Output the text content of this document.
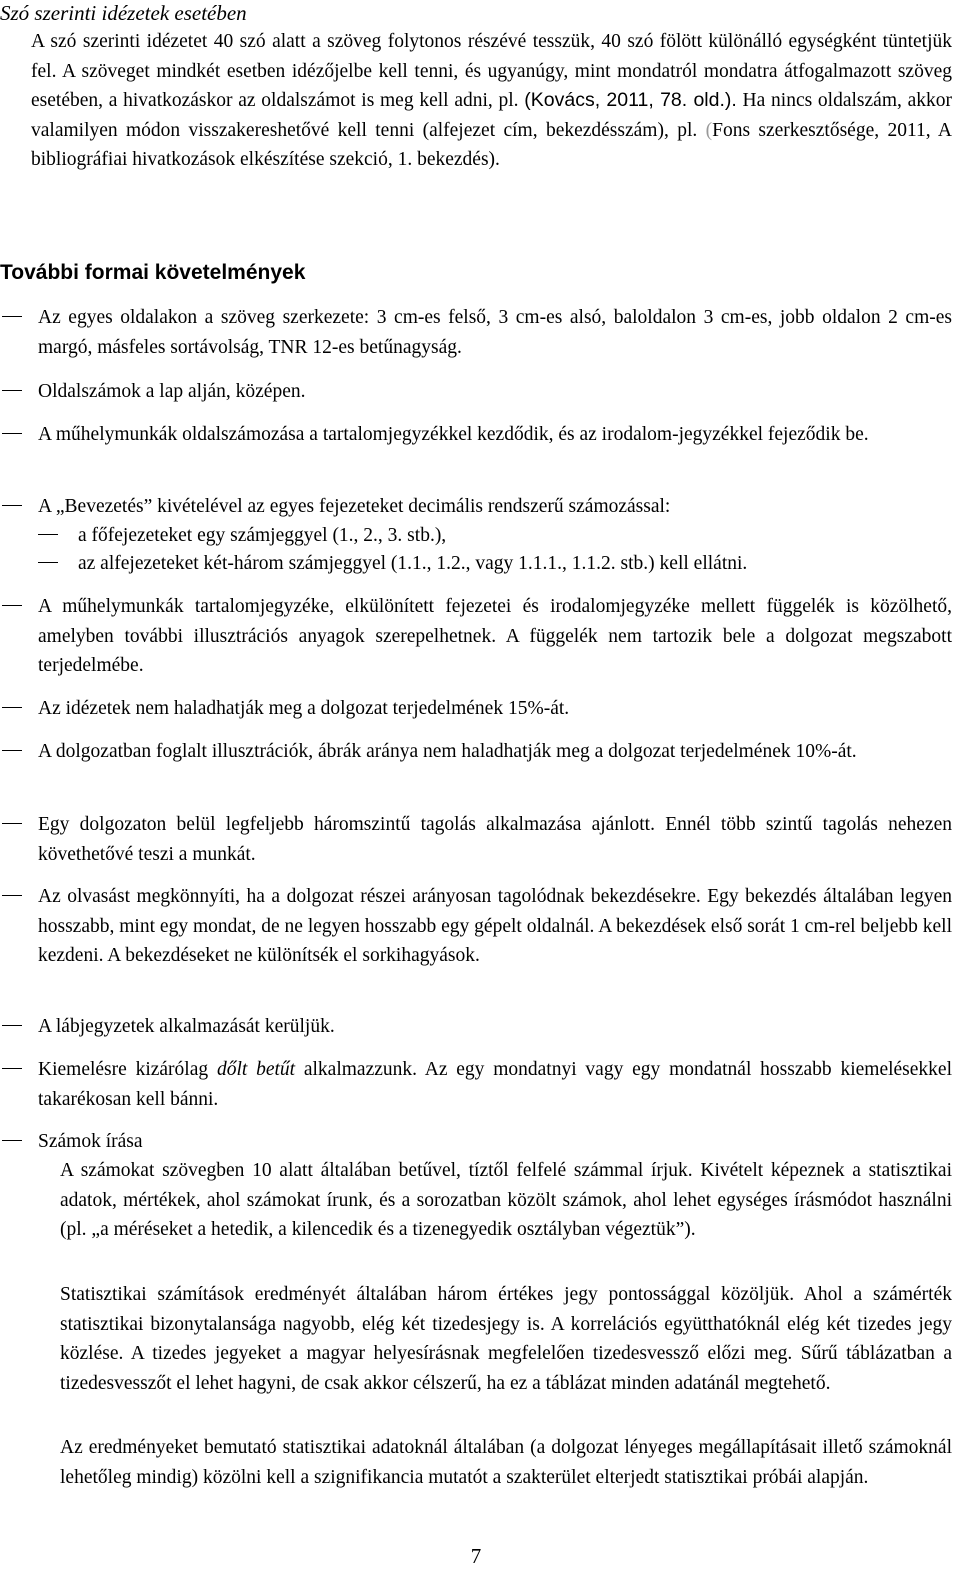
Szó szerinti idézetek esetében
A szó szerinti idézetet 40 szó alatt a szöveg folytonos részévé tesszük, 40 szó fölött különálló egységként tüntetjük fel. A szöveget mindkét esetben idézőjelbe kell tenni, és ugyanúgy, mint mondatról mondatra átfogalmazott szöveg esetében, a hivatkozáskor az oldalszámot is meg kell adni, pl. (Kovács, 2011, 78. old.). Ha nincs oldalszám, akkor valamilyen módon visszakereshetővé kell tenni (alfejezet cím, bekezdésszám), pl. (Fons szerkesztősége, 2011, A bibliográfiai hivatkozások elkészítése szekció, 1. bekezdés).
További formai követelmények
Az egyes oldalakon a szöveg szerkezete: 3 cm-es felső, 3 cm-es alsó, baloldalon 3 cm-es, jobb oldalon 2 cm-es margó, másfeles sortávolság, TNR 12-es betűnagyság.
Oldalszámok a lap alján, középen.
A műhelymunkák oldalszámozása a tartalomjegyzékkel kezdődik, és az irodalom-jegyzékkel fejeződik be.
A „Bevezetés” kivételével az egyes fejezeteket decimális rendszerű számozással:
a főfejezeteket egy számjeggyel (1., 2., 3. stb.),
az alfejezeteket két-három számjeggyel (1.1., 1.2., vagy 1.1.1., 1.1.2. stb.) kell ellátni.
A műhelymunkák tartalomjegyzéke, elkülönített fejezetei és irodalomjegyzéke mellett függelék is közölhető, amelyben további illusztrációs anyagok szerepelhetnek. A függelék nem tartozik bele a dolgozat megszabott terjedelmébe.
Az idézetek nem haladhatják meg a dolgozat terjedelmének 15%-át.
A dolgozatban foglalt illusztrációk, ábrák aránya nem haladhatják meg a dolgozat terjedelmének 10%-át.
Egy dolgozaton belül legfeljebb háromszintű tagolás alkalmazása ajánlott. Ennél több szintű tagolás nehezen követhetővé teszi a munkát.
Az olvasást megkönnyíti, ha a dolgozat részei arányosan tagolódnak bekezdésekre. Egy bekezdés általában legyen hosszabb, mint egy mondat, de ne legyen hosszabb egy gépelt oldalnál. A bekezdések első sorát 1 cm-rel beljebb kell kezdeni. A bekezdéseket ne különítsék el sorkihagyások.
A lábjegyzetek alkalmazását kerüljük.
Kiemelésre kizárólag dőlt betűt alkalmazzunk. Az egy mondatnyi vagy egy mondatnál hosszabb kiemelésekkel takarékosan kell bánni.
Számok írása
A számokat szövegben 10 alatt általában betűvel, tíztől felfelé számmal írjuk. Kivételt képeznek a statisztikai adatok, mértékek, ahol számokat írunk, és a sorozatban közölt számok, ahol lehet egységes írásmódot használni (pl. „a méréseket a hetedik, a kilencedik és a tizenegyedik osztályban végeztük”).
Statisztikai számítások eredményét általában három értékes jegy pontossággal közöljük. Ahol a számérték statisztikai bizonytalansága nagyobb, elég két tizedesjegy is. A korrelációs együtthatóknál elég két tizedes jegy közlése. A tizedes jegyeket a magyar helyesírásnak megfelelően tizedesvessző előzi meg. Sűrű táblázatban a tizedesvesszőt el lehet hagyni, de csak akkor célszerű, ha ez a táblázat minden adatánál megtehető.
Az eredményeket bemutató statisztikai adatoknál általában (a dolgozat lényeges megállapításait illető számoknál lehetőleg mindig) közölni kell a szignifikancia mutatót a szakterület elterjedt statisztikai próbái alapján.
7
